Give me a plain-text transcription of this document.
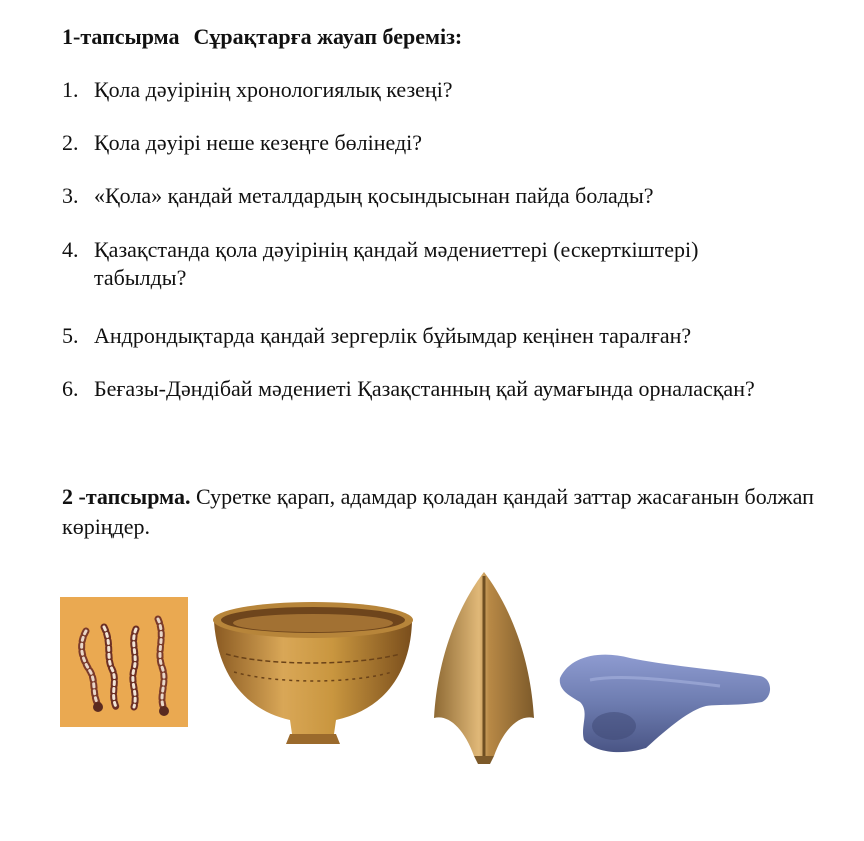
1-тапсырма Сұрақтарға жауап береміз:
1. Қола дәуірінің хронологиялық кезеңі?
2. Қола дәуірі неше кезеңге бөлінеді?
3. «Қола» қандай металдардың қосындысынан пайда болады?
4. Қазақстанда қола дәуірінің қандай мәдениеттері (ескерткіштері)
табылды?
5. Андрондықтарда қандай зергерлік бұйымдар кеңінен таралған?
6. Беғазы-Дәндібай мәдениеті Қазақстанның қай аумағында орналасқан?
2 -тапсырма. Суретке қарап, адамдар қоладан қандай заттар жасағанын болжап көріңдер.
